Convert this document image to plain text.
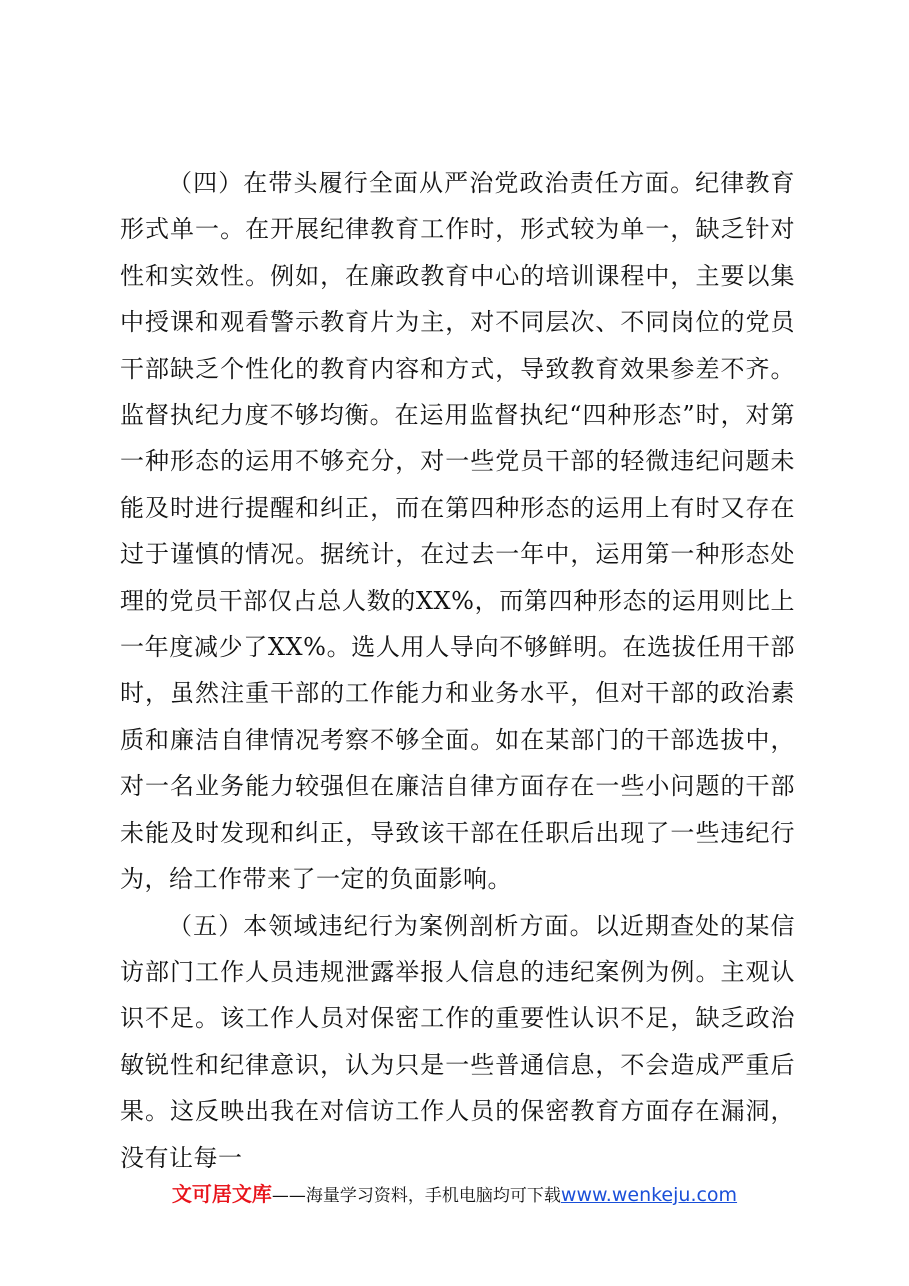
（四）在带头履行全面从严治党政治责任方面。纪律教育形式单一。在开展纪律教育工作时，形式较为单一，缺乏针对性和实效性。例如，在廉政教育中心的培训课程中，主要以集中授课和观看警示教育片为主，对不同层次、不同岗位的党员干部缺乏个性化的教育内容和方式，导致教育效果参差不齐。监督执纪力度不够均衡。在运用监督执纪“四种形态”时，对第一种形态的运用不够充分，对一些党员干部的轻微违纪问题未能及时进行提醒和纠正，而在第四种形态的运用上有时又存在过于谨慎的情况。据统计，在过去一年中，运用第一种形态处理的党员干部仅占总人数的XX%，而第四种形态的运用则比上一年度减少了XX%。选人用人导向不够鲜明。在选拔任用干部时，虽然注重干部的工作能力和业务水平，但对干部的政治素质和廉洁自律情况考察不够全面。如在某部门的干部选拔中，对一名业务能力较强但在廉洁自律方面存在一些小问题的干部未能及时发现和纠正，导致该干部在任职后出现了一些违纪行为，给工作带来了一定的负面影响。

（五）本领域违纪行为案例剖析方面。以近期查处的某信访部门工作人员违规泄露举报人信息的违纪案例为例。主观认识不足。该工作人员对保密工作的重要性认识不足，缺乏政治敏锐性和纪律意识，认为只是一些普通信息，不会造成严重后果。这反映出我在对信访工作人员的保密教育方面存在漏洞，没有让每一

文可居文库——海量学习资料，手机电脑均可下载www.wenkeju.com
